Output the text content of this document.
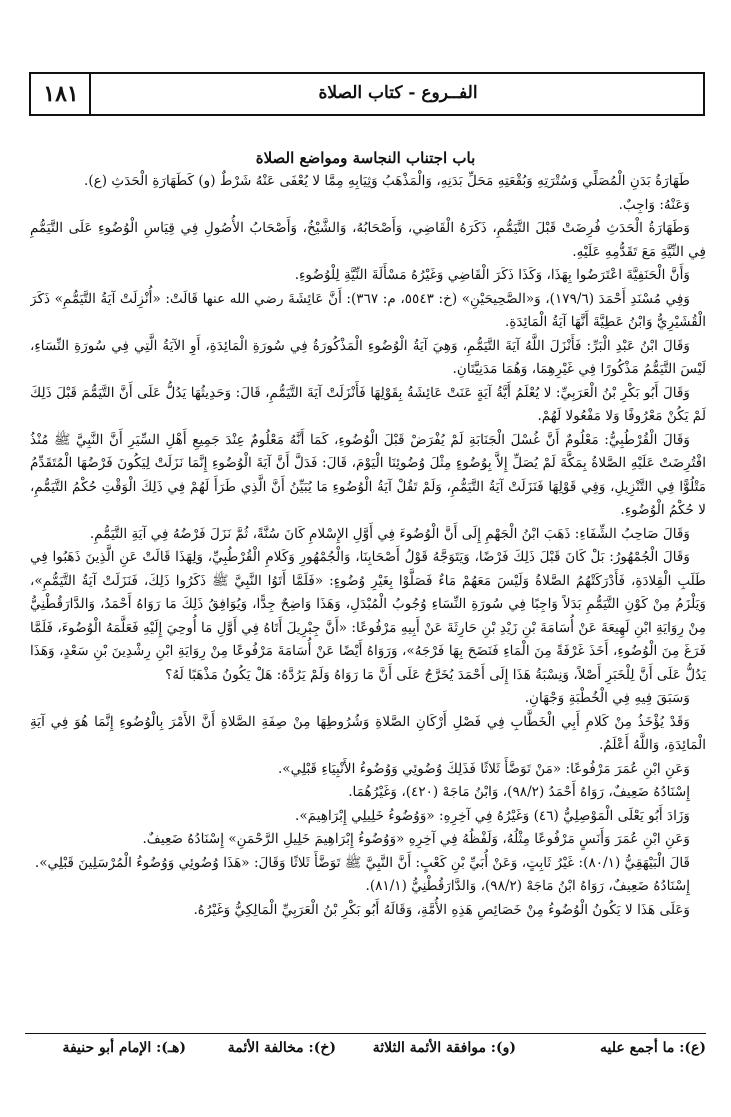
١٨١	الفــروع - كتاب الصلاة
باب اجتناب النجاسة ومواضع الصلاة

طَهَارَةُ بَدَنِ الْمُصَلِّي وَسُتْرَتِهِ وَبُقْعَتِهِ مَحَلِّ بَدَنِهِ، وَالْمَذْهَبُ وَثِيَابِهِ مِمَّا لا يُعْفَى عَنْهُ شَرْطٌ (و) كَطَهَارَةِ الْحَدَثِ (ع).

وَعَنْهُ: وَاجِبٌ.

وَطَهَارَةُ الْحَدَثِ فُرِضَتْ قَبْلَ التَّيَمُّمِ، ذَكَرَهُ الْقَاضِي، وَأَصْحَابُهُ، وَالشَّيْخُ، وَأَصْحَابُ الأُصُولِ فِي قِيَاسِ الْوُضُوءِ عَلَى التَّيَمُّمِ فِي النِّيَّةِ مَعَ تَقَدُّمِهِ عَلَيْهِ.

وَأَنَّ الْحَنَفِيَّةَ اعْتَرَضُوا بِهَذَا، وَكَذَا ذَكَرَ الْقَاضِي وَغَيْرُهُ مَسْأَلَةَ النِّيَّةِ لِلْوُضُوءِ.

وَفِي مُسْنَدِ أَحْمَدَ (١٧٩/٦)، وَ«الصَّحِيحَيْنِ» (خ: ٥٥٤٣، م: ٣٦٧): أَنَّ عَائِشَةَ رضي الله عنها قَالَتْ: «أُنْزِلَتْ آيَةُ التَّيَمُّمِ» ذَكَرَ الْقُشَيْرِيُّ وَابْنُ عَطِيَّةَ أَنَّهَا آيَةُ الْمَائِدَةِ.

وَقَالَ ابْنُ عَبْدِ الْبَرِّ: فَأَنْزَلَ اللَّهُ آيَةَ التَّيَمُّمِ، وَهِيَ آيَةُ الْوُضُوءِ الْمَذْكُورَةُ فِي سُورَةِ الْمَائِدَةِ، أَوِ الآيَةُ الَّتِي فِي سُورَةِ النِّسَاءِ، لَيْسَ التَّيَمُّمُ مَذْكُورًا فِي غَيْرِهِمَا، وَهُمَا مَدَنِيَّتَانِ.

وَقَالَ أَبُو بَكْرِ بْنُ الْعَرَبِيِّ: لا يُعْلَمُ أَيَّةُ آيَةٍ عَنَتْ عَائِشَةُ بِقَوْلِهَا فَأَنْزَلَتْ آيَةَ التَّيَمُّمِ، قَالَ: وَحَدِيثُهَا يَدُلُّ عَلَى أَنَّ التَّيَمُّمَ قَبْلَ ذَلِكَ لَمْ يَكُنْ مَعْرُوفًا وَلا مَفْعُولا لَهُمْ.

وَقَالَ الْقُرْطُبِيُّ: مَعْلُومٌ أَنَّ غُسْلَ الْجَنَابَةِ لَمْ يُفْرَضْ قَبْلَ الْوُضُوءِ، كَمَا أَنَّهُ مَعْلُومٌ عِنْدَ جَمِيعِ أَهْلِ السِّيَرِ أَنَّ النَّبِيَّ ﷺ مُنْذُ افْتُرِضَتْ عَلَيْهِ الصَّلاةُ بِمَكَّةَ لَمْ يُصَلِّ إِلاَّ بِوُضُوءٍ مِثْلَ وُضُوئِنَا الْيَوْمَ، قَالَ: فَدَلَّ أَنَّ آيَةَ الْوُضُوءِ إِنَّمَا نَزَلَتْ لِيَكُونَ فَرْضُهَا الْمُتَقَدِّمُ مَتْلُوًّا فِي التَّنْزِيلِ، وَفِي قَوْلِهَا فَنَزَلَتْ آيَةُ التَّيَمُّمِ، وَلَمْ تَقُلْ آيَةُ الْوُضُوءِ مَا يُبَيِّنُ أَنَّ الَّذِي طَرَأَ لَهُمْ فِي ذَلِكَ الْوَقْتِ حُكْمُ التَّيَمُّمِ، لا حُكْمُ الْوُضُوءِ.

وَقَالَ صَاحِبُ الشِّفَاءِ: ذَهَبَ ابْنُ الْجَهْمِ إِلَى أَنَّ الْوُضُوءَ فِي أَوَّلِ الإِسْلامِ كَانَ سُنَّةً، ثُمَّ نَزَلَ فَرْضُهُ فِي آيَةِ التَّيَمُّمِ.

وَقَالَ الْجُمْهُورُ: بَلْ كَانَ قَبْلَ ذَلِكَ فَرْضًا، وَيَتَوَجَّهُ قَوْلُ أَصْحَابِنَا، وَالْجُمْهُورِ وَكَلامِ الْقُرْطُبِيِّ، وَلِهَذَا قَالَتْ عَنِ الَّذِينَ ذَهَبُوا فِي طَلَبِ الْقِلادَةِ، فَأَدْرَكَتْهُمُ الصَّلاةُ وَلَيْسَ مَعَهُمْ مَاءٌ فَصَلَّوْا بِغَيْرِ وُضُوءٍ: «فَلَمَّا أَتَوُا النَّبِيَّ ﷺ ذَكَرُوا ذَلِكَ، فَنَزَلَتْ آيَةُ التَّيَمُّمِ»، وَيَلْزَمُ مِنْ كَوْنِ التَّيَمُّمِ بَدَلاً وَاجِبًا فِي سُورَةِ النِّسَاءِ وُجُوبُ الْمُبْدَلِ، وَهَذَا وَاضِحٌ جِدًّا، وَيُوَافِقُ ذَلِكَ مَا رَوَاهُ أَحْمَدُ، وَالدَّارَقُطْنِيُّ مِنْ رِوَايَةِ ابْنِ لَهِيعَةَ عَنْ أُسَامَةَ بْنِ زَيْدِ بْنِ حَارِثَةَ عَنْ أَبِيهِ مَرْفُوعًا: «أَنَّ جِبْرِيلَ أَتَاهُ فِي أَوَّلِ مَا أُوحِيَ إِلَيْهِ فَعَلَّمَهُ الْوُضُوءَ، فَلَمَّا فَرَغَ مِنَ الْوُضُوءِ، أَخَذَ غَرْفَةً مِنَ الْمَاءِ فَنَضَحَ بِهَا فَرْجَهُ»، وَرَوَاهُ أَيْضًا عَنْ أُسَامَةَ مَرْفُوعًا مِنْ رِوَايَةِ ابْنِ رِشْدِينَ بْنِ سَعْدٍ، وَهَذَا يَدُلُّ عَلَى أَنَّ لِلْخَبَرِ أَصْلاً، وَنِسْبَةُ هَذَا إِلَى أَحْمَدَ يُخَرَّجُ عَلَى أَنَّ مَا رَوَاهُ وَلَمْ يَرُدَّهُ: هَلْ يَكُونُ مَذْهَبًا لَهُ؟

وَسَبَقَ فِيهِ فِي الْخُطْبَةِ وَجْهَانِ.

وَقَدْ يُؤْخَذُ مِنْ كَلامِ أَبِي الْخَطَّابِ فِي فَصْلِ أَرْكَانِ الصَّلاةِ وَشُرُوطِهَا مِنْ صِفَةِ الصَّلاةِ أَنَّ الأَمْرَ بِالْوُضُوءِ إِنَّمَا هُوَ فِي آيَةِ الْمَائِدَةِ، وَاللَّهُ أَعْلَمُ.

وَعَنِ ابْنِ عُمَرَ مَرْفُوعًا: «مَنْ تَوَضَّأَ ثَلاثًا فَذَلِكَ وُضُوئِي وَوُضُوءُ الأَنْبِيَاءِ قَبْلِي».

إِسْنَادُهُ ضَعِيفٌ، رَوَاهُ أَحْمَدُ (٩٨/٢)، وَابْنُ مَاجَهْ (٤٢٠)، وَغَيْرُهُمَا.

وَزَادَ أَبُو يَعْلَى الْمَوْصِلِيُّ (٤٦) وَغَيْرُهُ فِي آخِرِهِ: «وَوُضُوءُ خَلِيلِي إِبْرَاهِيمَ».

وَعَنِ ابْنِ عُمَرَ وَأَنَسٍ مَرْفُوعًا مِثْلُهُ، وَلَفْظُهُ فِي آخِرِهِ «وَوُضُوءُ إِبْرَاهِيمَ خَلِيلِ الرَّحْمَنِ» إِسْنَادُهُ ضَعِيفٌ.

قَالَ الْبَيْهَقِيُّ (٨٠/١): غَيْرُ ثَابِتٍ، وَعَنْ أُبَيِّ بْنِ كَعْبٍ: أَنَّ النَّبِيَّ ﷺ تَوَضَّأَ ثَلاثًا وَقَالَ: «هَذَا وُضُوئِي وَوُضُوءُ الْمُرْسَلِينَ قَبْلِي».

إِسْنَادُهُ ضَعِيفٌ، رَوَاهُ ابْنُ مَاجَهْ (٩٨/٢)، وَالدَّارَقُطْنِيُّ (٨١/١).

وَعَلَى هَذَا لا يَكُونُ الْوُضُوءُ مِنْ خَصَائِصِ هَذِهِ الأُمَّةِ، وَقَالَهُ أَبُو بَكْرِ بْنُ الْعَرَبِيِّ الْمَالِكِيُّ وَغَيْرُهُ.

(ع): ما أجمع عليه
(و): موافقة الأئمة الثلاثة
(خ): مخالفة الأئمة
(هـ): الإمام أبو حنيفة
